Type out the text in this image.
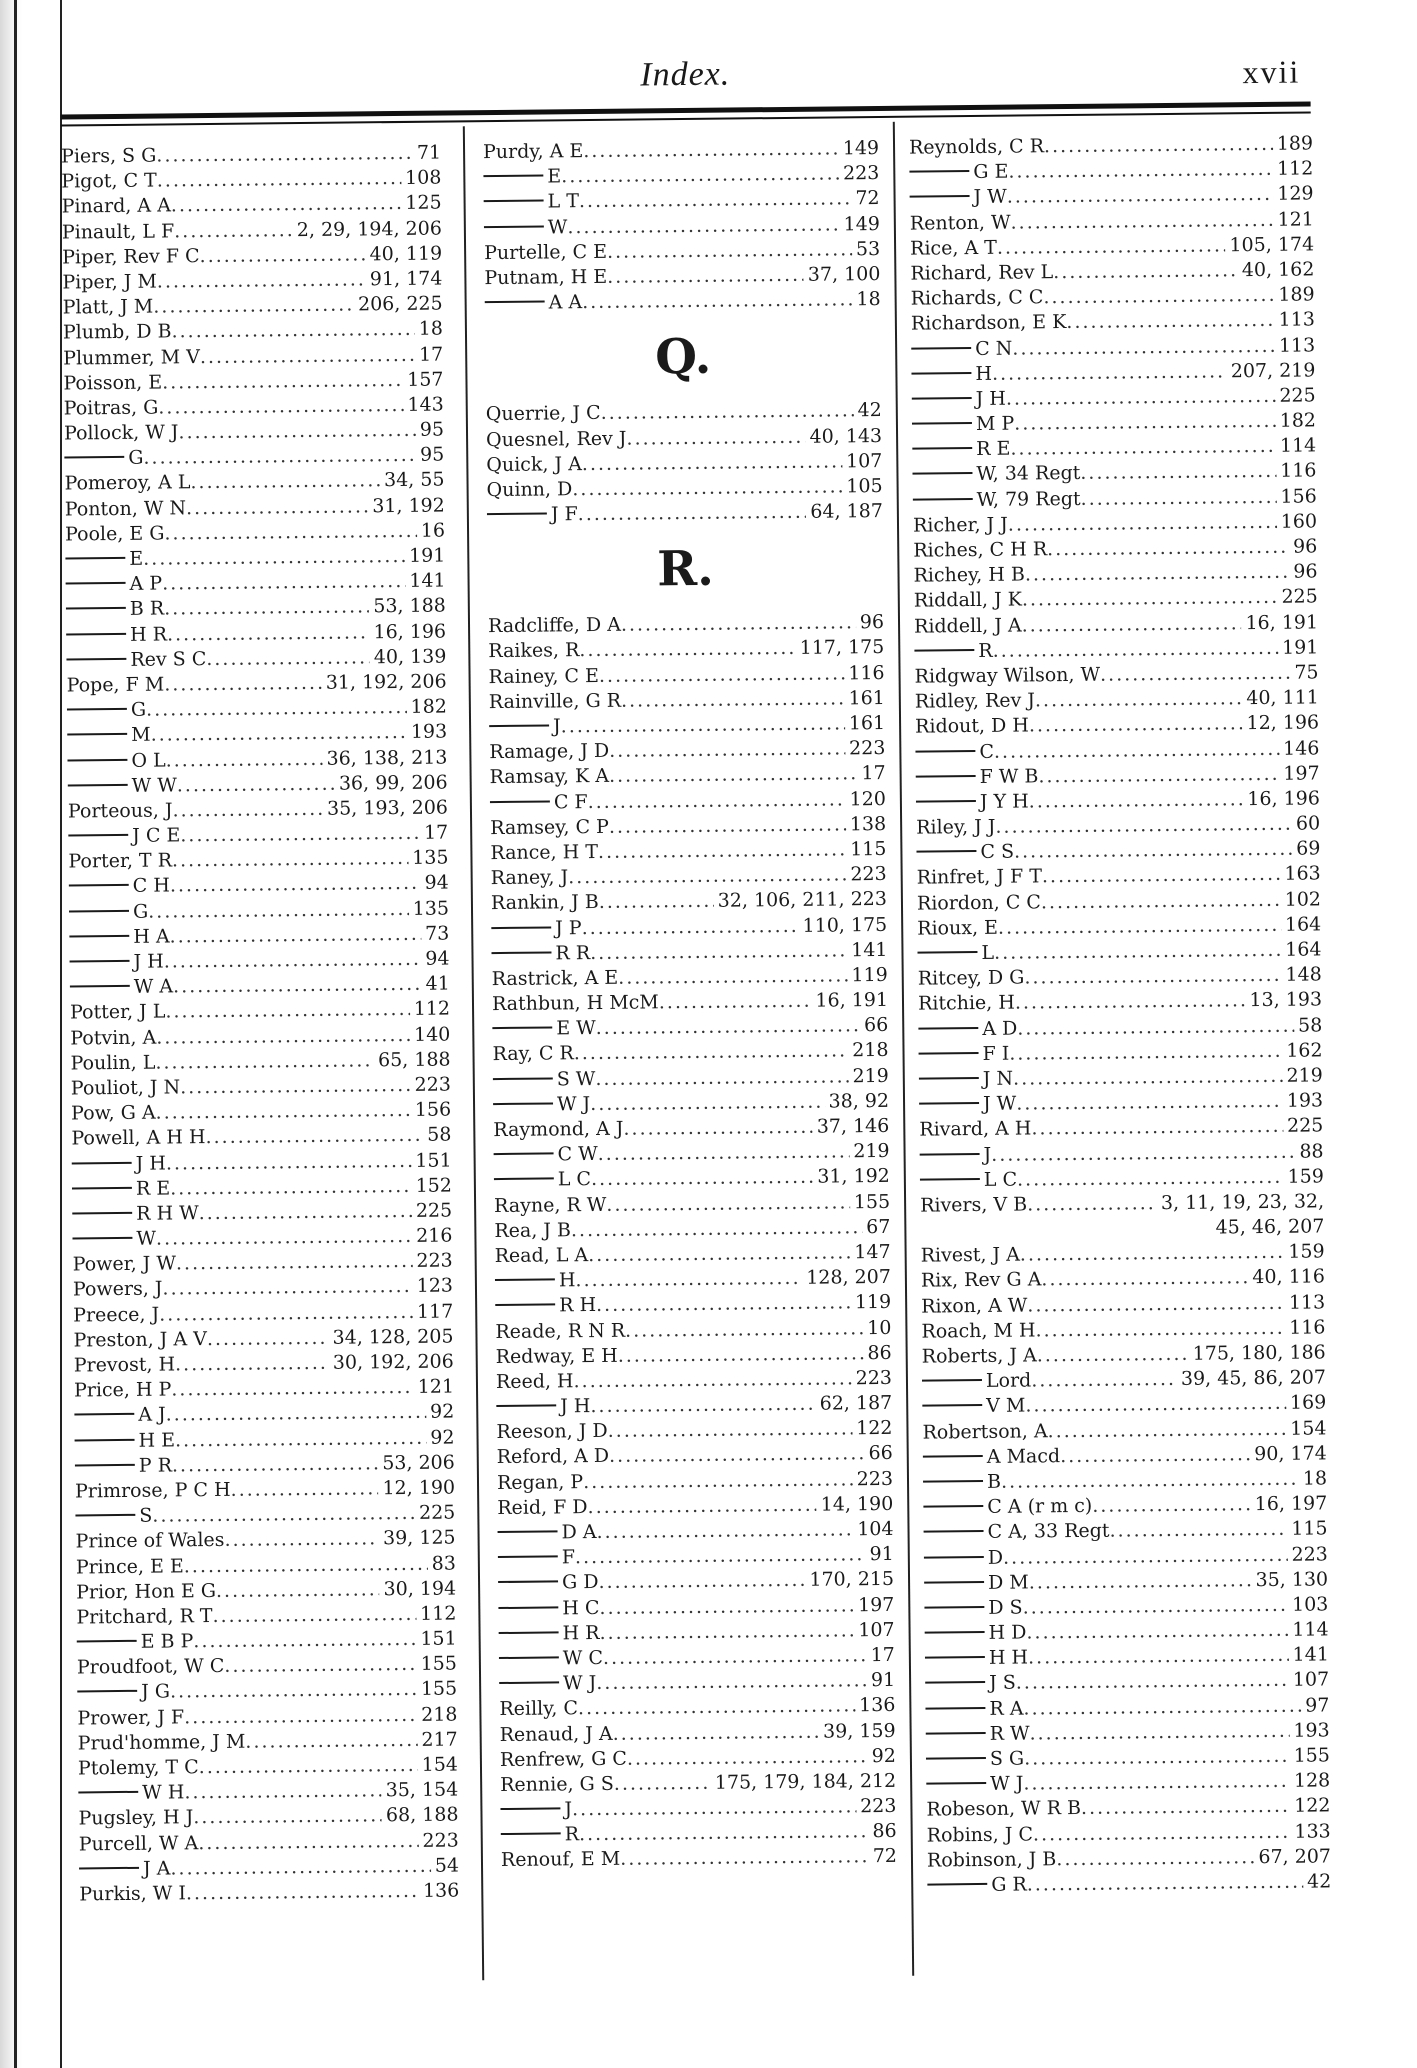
Index.	xvii
Piers, S G .....	71
Pigot, C T .....	108
Pinard, A A .....	125
Pinault, L F .....	2, 29, 194, 206
Piper, Rev F C .....	40, 119
Piper, J M .....	91, 174
Platt, J M .....	206, 225
Plumb, D B .....	18
Plummer, M V .....	17
Poisson, E .....	157
Poitras, G .....	143
Pollock, W J .....	95
G .....	95
Pomeroy, A L .....	34, 55
Ponton, W N .....	31, 192
Poole, E G .....	16
E .....	191
A P .....	141
B R .....	53, 188
H R .....	16, 196
Rev S C .....	40, 139
Pope, F M .....	31, 192, 206
G .....	182
M .....	193
O L .....	36, 138, 213
W W .....	36, 99, 206
Porteous, J .....	35, 193, 206
J C E .....	17
Porter, T R .....	135
C H .....	94
G .....	135
H A .....	73
J H .....	94
W A .....	41
Potter, J L .....	112
Potvin, A .....	140
Poulin, L .....	65, 188
Pouliot, J N .....	223
Pow, G A .....	156
Powell, A H H .....	58
J H .....	151
R E .....	152
R H W .....	225
W .....	216
Power, J W .....	223
Powers, J .....	123
Preece, J .....	117
Preston, J A V .....	34, 128, 205
Prevost, H .....	30, 192, 206
Price, H P .....	121
A J .....	92
H E .....	92
P R .....	53, 206
Primrose, P C H .....	12, 190
S .....	225
Prince of Wales .....	39, 125
Prince, E E .....	83
Prior, Hon E G .....	30, 194
Pritchard, R T .....	112
E B P .....	151
Proudfoot, W C .....	155
J G .....	155
Prower, J F .....	218
Prud'homme, J M .....	217
Ptolemy, T C .....	154
W H .....	35, 154
Pugsley, H J .....	68, 188
Purcell, W A .....	223
J A .....	54
Purkis, W I .....	136
Purdy, A E .....	149
E .....	223
L T .....	72
W .....	149
Purtelle, C E .....	53
Putnam, H E .....	37, 100
A A .....	18
Q.
Querrie, J C .....	42
Quesnel, Rev J .....	40, 143
Quick, J A .....	107
Quinn, D .....	105
J F .....	64, 187
R.
Radcliffe, D A .....	96
Raikes, R .....	117, 175
Rainey, C E .....	116
Rainville, G R .....	161
J .....	161
Ramage, J D .....	223
Ramsay, K A .....	17
C F .....	120
Ramsey, C P .....	138
Rance, H T .....	115
Raney, J .....	223
Rankin, J B .....	32, 106, 211, 223
J P .....	110, 175
R R .....	141
Rastrick, A E .....	119
Rathbun, H McM .....	16, 191
E W .....	66
Ray, C R .....	218
S W .....	219
W J .....	38, 92
Raymond, A J .....	37, 146
C W .....	219
L C .....	31, 192
Rayne, R W .....	155
Rea, J B .....	67
Read, L A .....	147
H .....	128, 207
R H .....	119
Reade, R N R .....	10
Redway, E H .....	86
Reed, H .....	223
J H .....	62, 187
Reeson, J D .....	122
Reford, A D .....	66
Regan, P .....	223
Reid, F D .....	14, 190
D A .....	104
F .....	91
G D .....	170, 215
H C .....	197
H R .....	107
W C .....	17
W J .....	91
Reilly, C .....	136
Renaud, J A .....	39, 159
Renfrew, G C .....	92
Rennie, G S .....	175, 179, 184, 212
J .....	223
R .....	86
Renouf, E M .....	72
Reynolds, C R .....	189
G E .....	112
J W .....	129
Renton, W .....	121
Rice, A T .....	105, 174
Richard, Rev L .....	40, 162
Richards, C C .....	189
Richardson, E K .....	113
C N .....	113
H .....	207, 219
J H .....	225
M P .....	182
R E .....	114
W, 34 Regt .....	116
W, 79 Regt .....	156
Richer, J J .....	160
Riches, C H R .....	96
Richey, H B .....	96
Riddall, J K .....	225
Riddell, J A .....	16, 191
R .....	191
Ridgway Wilson, W .....	75
Ridley, Rev J .....	40, 111
Ridout, D H .....	12, 196
C .....	146
F W B .....	197
J Y H .....	16, 196
Riley, J J .....	60
C S .....	69
Rinfret, J F T .....	163
Riordon, C C .....	102
Rioux, E .....	164
L .....	164
Ritcey, D G .....	148
Ritchie, H .....	13, 193
A D .....	58
F I .....	162
J N .....	219
J W .....	193
Rivard, A H .....	225
J .....	88
L C .....	159
Rivers, V B .....	3, 11, 19, 23, 32,
45, 46, 207
Rivest, J A .....	159
Rix, Rev G A .....	40, 116
Rixon, A W .....	113
Roach, M H .....	116
Roberts, J A .....	175, 180, 186
Lord .....	39, 45, 86, 207
V M .....	169
Robertson, A .....	154
A Macd .....	90, 174
B .....	18
C A (r m c) .....	16, 197
C A, 33 Regt .....	115
D .....	223
D M .....	35, 130
D S .....	103
H D .....	114
H H .....	141
J S .....	107
R A .....	97
R W .....	193
S G .....	155
W J .....	128
Robeson, W R B .....	122
Robins, J C .....	133
Robinson, J B .....	67, 207
G R .....	42
